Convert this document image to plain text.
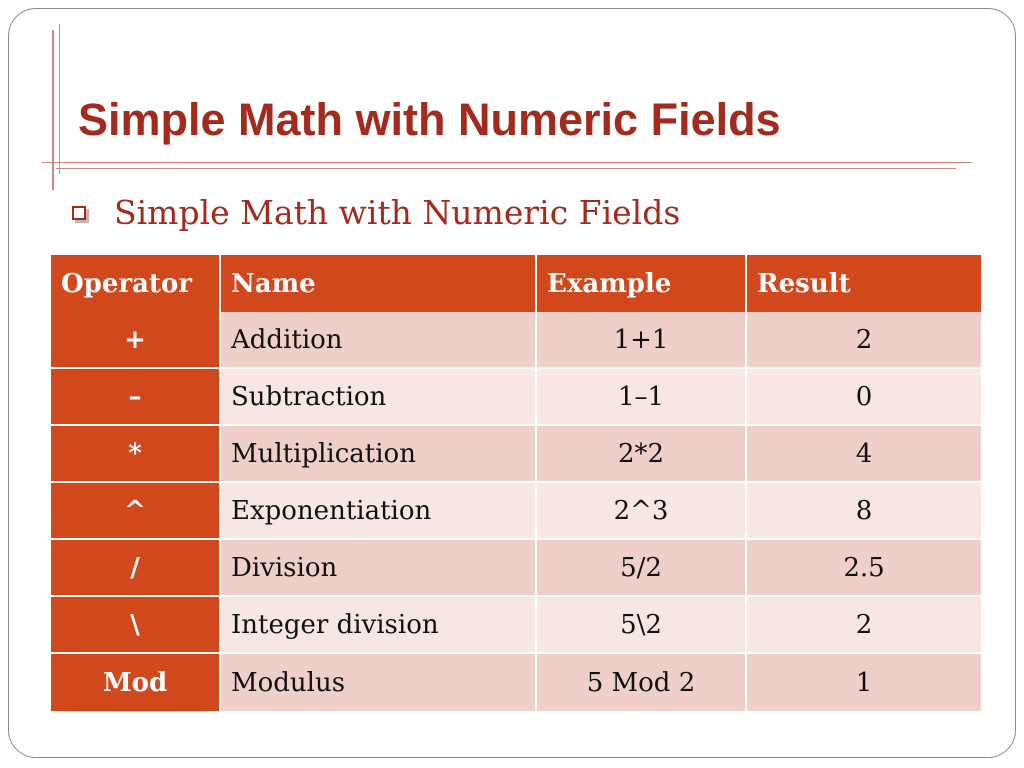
Simple Math with Numeric Fields
Simple Math with Numeric Fields
Operator	Name	Example	Result
+	Addition	1+1	2
–	Subtraction	1–1	0
*	Multiplication	2*2	4
^	Exponentiation	2^3	8
/	Division	5/2	2.5
\	Integer division	5\2	2
Mod	Modulus	5 Mod 2	1
